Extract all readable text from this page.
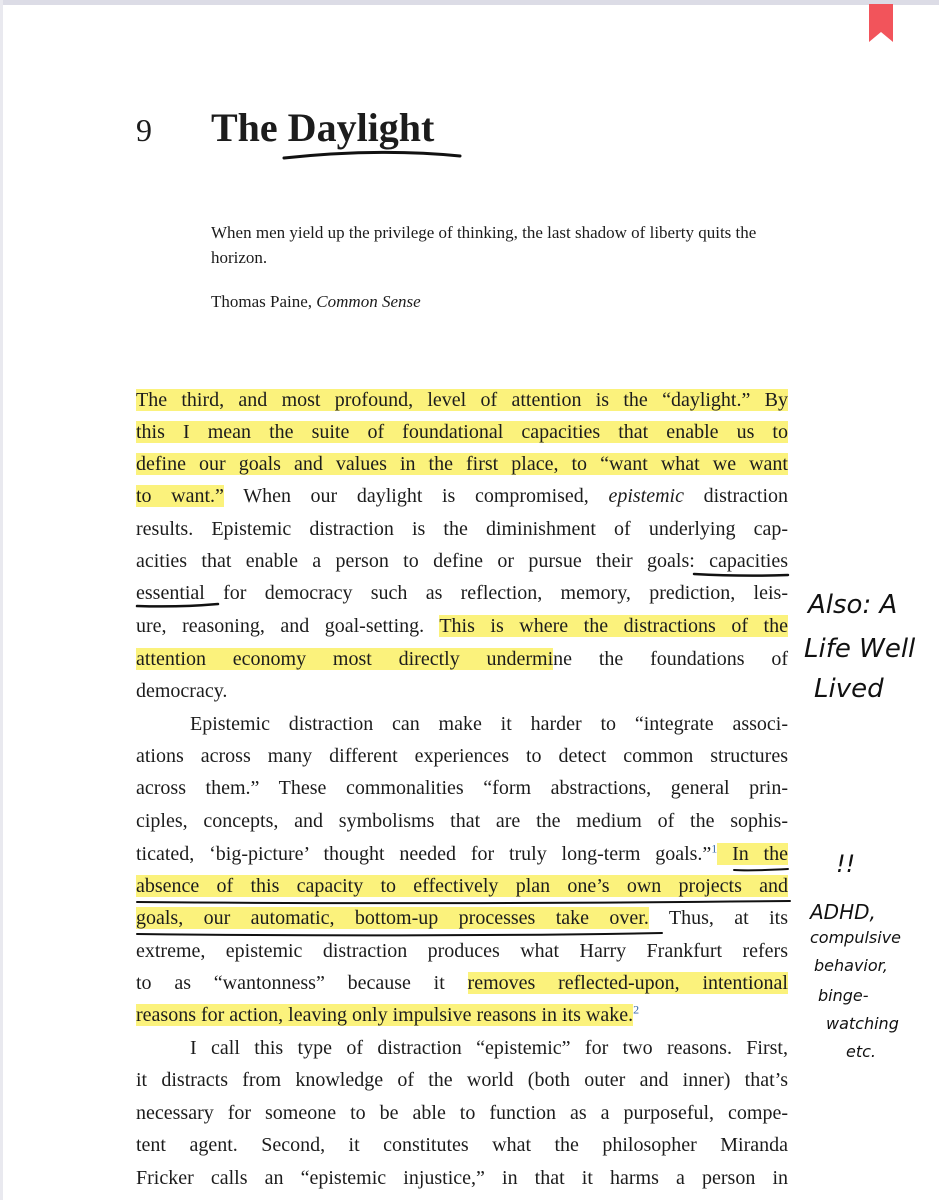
9 The Daylight
When men yield up the privilege of thinking, the last shadow of liberty quits the horizon.
Thomas Paine, Common Sense
The third, and most profound, level of attention is the “daylight.” By
this I mean the suite of foundational capacities that enable us to
define our goals and values in the first place, to “want what we want
to want.” When our daylight is compromised, epistemic distraction
results. Epistemic distraction is the diminishment of underlying cap-
acities that enable a person to define or pursue their goals: capacities
essential for democracy such as reflection, memory, prediction, leis-
ure, reasoning, and goal-setting. This is where the distractions of the
attention economy most directly undermine the foundations of
democracy.
Epistemic distraction can make it harder to “integrate associ-
ations across many different experiences to detect common structures
across them.” These commonalities “form abstractions, general prin-
ciples, concepts, and symbolisms that are the medium of the sophis-
ticated, ‘big-picture’ thought needed for truly long-term goals.”$^1$ In the
absence of this capacity to effectively plan one’s own projects and
goals, our automatic, bottom-up processes take over. Thus, at its
extreme, epistemic distraction produces what Harry Frankfurt refers
to as “wantonness” because it removes reflected-upon, intentional
reasons for action, leaving only impulsive reasons in its wake.$^2$
I call this type of distraction “epistemic” for two reasons. First,
it distracts from knowledge of the world (both outer and inner) that’s
necessary for someone to be able to function as a purposeful, compe-
tent agent. Second, it constitutes what the philosopher Miranda
Fricker calls an “epistemic injustice,” in that it harms a person in
Also: A
Life Well
Lived
!!
ADHD,
compulsive
behavior,
binge-
watching
etc.
